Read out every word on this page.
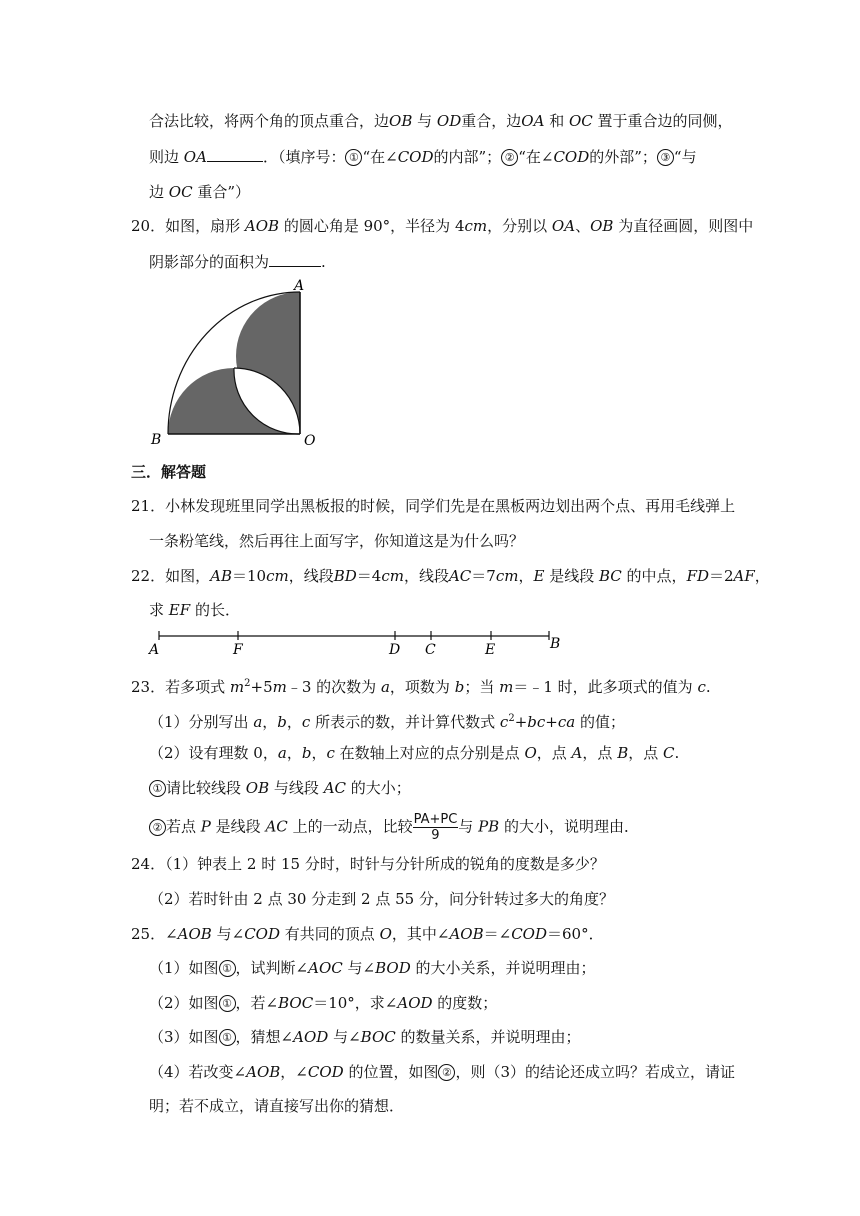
合法比较，将两个角的顶点重合，边OB 与 OD重合，边OA 和 OC 置于重合边的同侧，
则边 OA	．（填序号： ① “在∠COD的内部”； ② “在∠COD的外部”； ③ “与
边 OC 重合”）
20．如图，扇形 AOB 的圆心角是 90°，半径为 4cm，分别以 OA、OB 为直径画圆，则图中
阴影部分的面积为	.
A
B	O
三．解答题
21．小林发现班里同学出黑板报的时候，同学们先是在黑板两边划出两个点、再用毛线弹上
一条粉笔线，然后再往上面写字，你知道这是为什么吗？
22．如图，AB＝10cm，线段BD＝4cm，线段AC＝7cm，E 是线段 BC 的中点，FD＝2AF，
求 EF 的长．
A	F	D C	E	B
23．若多项式 $m^2+5m﹣3$ 的次数为 a，项数为 b；当 m＝﹣1 时，此多项式的值为 c.
（1）分别写出 a，b，c 所表示的数，并计算代数式 $c^2+bc+ca$ 的值；
（2）设有理数 0，a，b，c 在数轴上对应的点分别是点 O，点 A，点 B，点 C.
① 请比较线段 OB 与线段 AC 的大小；
② 若点 P 是线段 AC 上的一动点，比较 $\frac{PA+PC}{9}$ 与 PB 的大小，说明理由．
24．（1）钟表上 2 时 15 分时，时针与分针所成的锐角的度数是多少？
（2）若时针由 2 点 30 分走到 2 点 55 分，问分针转过多大的角度？
25．∠AOB 与∠COD 有共同的顶点 O，其中∠AOB＝∠COD＝60°．
（1）如图 ① ，试判断∠AOC 与∠BOD 的大小关系，并说明理由；
（2）如图 ① ，若∠BOC＝10°，求∠AOD 的度数；
（3）如图 ① ，猜想∠AOD 与∠BOC 的数量关系，并说明理由；
（4）若改变∠AOB，∠COD 的位置，如图 ② ，则（3）的结论还成立吗？若成立，请证
明；若不成立，请直接写出你的猜想．
